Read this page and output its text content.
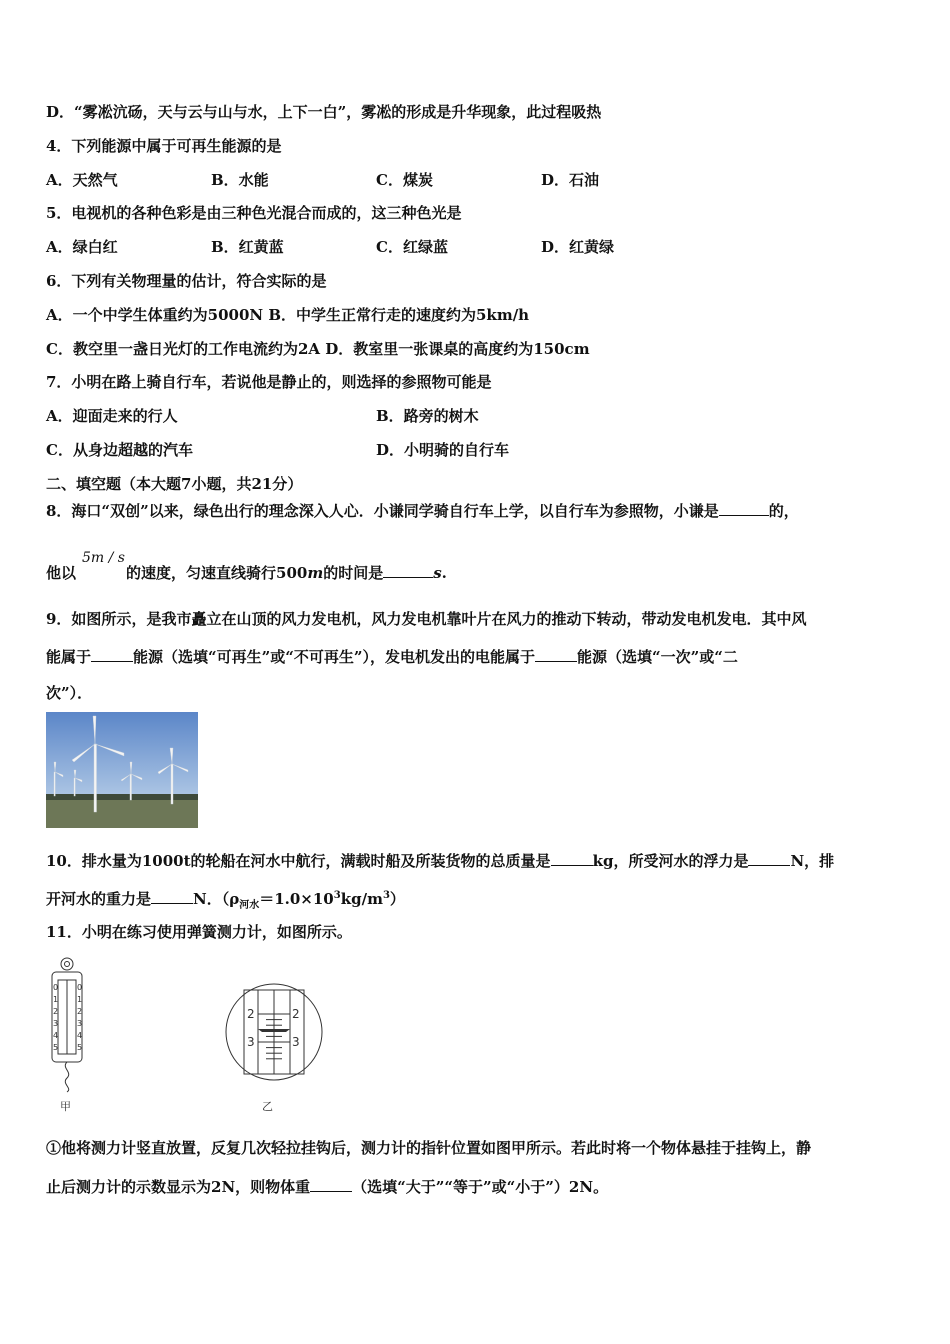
D．“雾凇沆砀，天与云与山与水，上下一白”，雾凇的形成是升华现象，此过程吸热
4．下列能源中属于可再生能源的是
A．天然气	B．水能	C．煤炭	D．石油
5．电视机的各种色彩是由三种色光混合而成的，这三种色光是
A．绿白红	B．红黄蓝	C．红绿蓝	D．红黄绿
6．下列有关物理量的估计，符合实际的是
A．一个中学生体重约为5000N B．中学生正常行走的速度约为5km/h
C．教空里一盏日光灯的工作电流约为2A D．教室里一张课桌的高度约为150cm
7．小明在路上骑自行车，若说他是静止的，则选择的参照物可能是
A．迎面走来的行人	B．路旁的树木
C．从身边超越的汽车	D．小明骑的自行车
二、填空题（本大题7小题，共21分）
8．海口“双创”以来，绿色出行的理念深入人心．小谦同学骑自行车上学，以自行车为参照物，小谦是	的，
5m / s
他以	的速度，匀速直线骑行500m的时间是	s.
9．如图所示，是我市矗立在山顶的风力发电机，风力发电机靠叶片在风力的推动下转动，带动发电机发电．其中风
能属于	能源（选填“可再生”或“不可再生”），发电机发出的电能属于	能源（选填“一次”或“二
次”）．
10．排水量为1000t的轮船在河水中航行，满载时船及所装货物的总质量是	kg，所受河水的浮力是	N，排
开河水的重力是	N．$(\rho_{河水}=1.0\times 10^3kg/m^3)$
11．小明在练习使用弹簧测力计，如图所示。
0
1
2
3
4
5
0
1
2
3
4
5
甲
2
3
2
3
乙
①他将测力计竖直放置，反复几次轻拉挂钩后，测力计的指针位置如图甲所示。若此时将一个物体悬挂于挂钩上，静
止后测力计的示数显示为2N，则物体重	（选填“大于”“等于”或“小于”）2N。
